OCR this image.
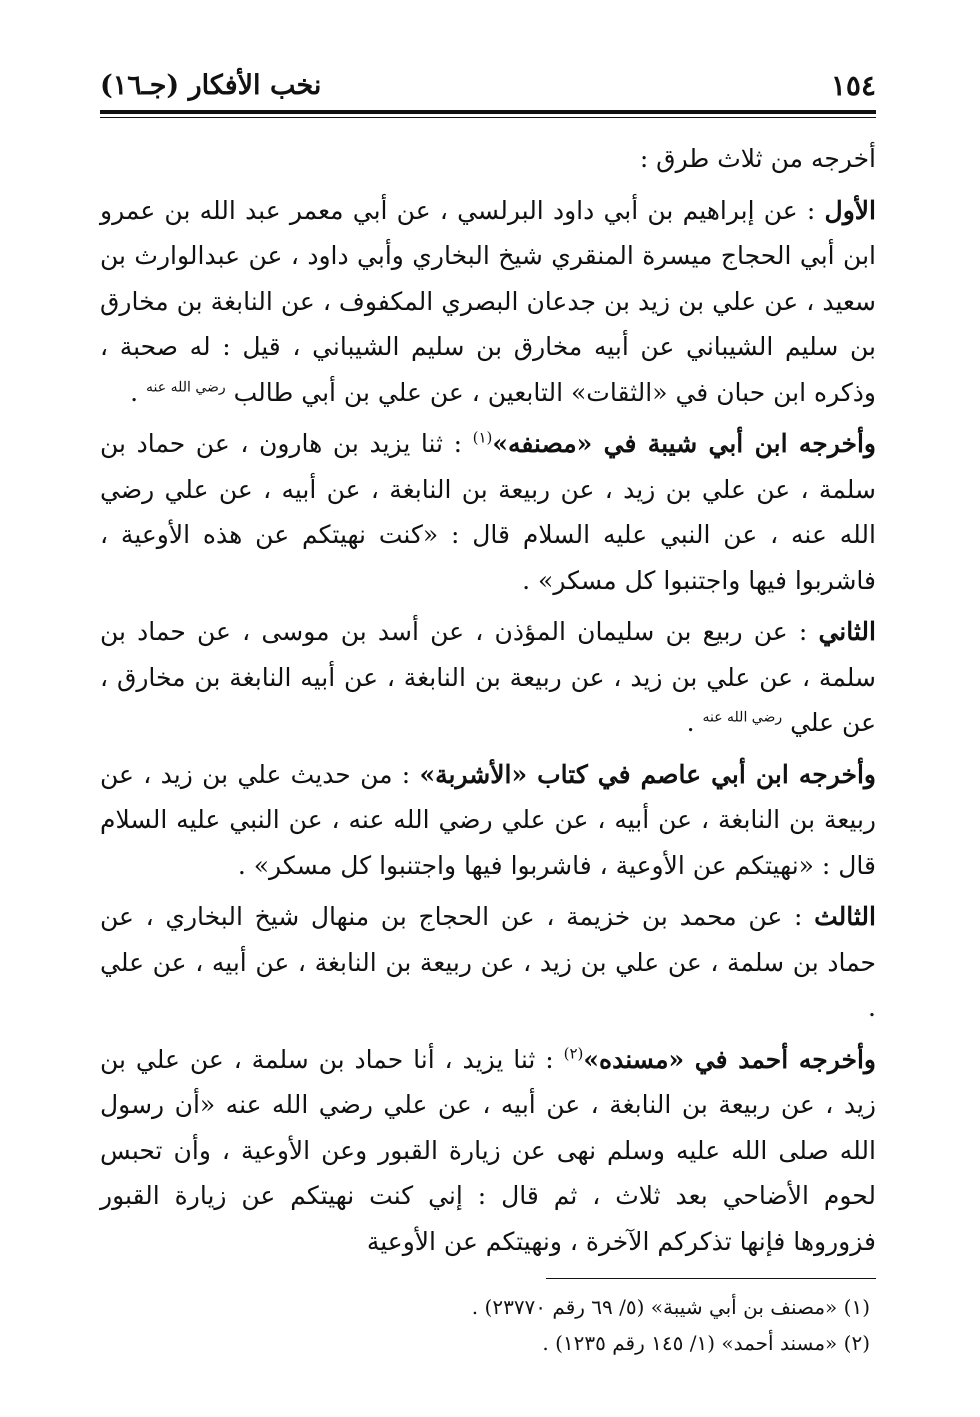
١٥٤
نخب الأفكار (جـ١٦)

أخرجه من ثلاث طرق :

الأول : عن إبراهيم بن أبي داود البرلسي ، عن أبي معمر عبد الله بن عمرو ابن أبي الحجاج ميسرة المنقري شيخ البخاري وأبي داود ، عن عبدالوارث بن سعيد ، عن علي بن زيد بن جدعان البصري المكفوف ، عن النابغة بن مخارق بن سليم الشيباني عن أبيه مخارق بن سليم الشيباني ، قيل : له صحبة ، وذكره ابن حبان في «الثقات» التابعين ، عن علي بن أبي طالب $^{رضي الله عنه}$ .

وأخرجه ابن أبي شيبة في «مصنفه»$^{(١)}$ : ثنا يزيد بن هارون ، عن حماد بن سلمة ، عن علي بن زيد ، عن ربيعة بن النابغة ، عن أبيه ، عن علي رضي الله عنه ، عن النبي عليه السلام قال : «كنت نهيتكم عن هذه الأوعية ، فاشربوا فيها واجتنبوا كل مسكر» .

الثاني : عن ربيع بن سليمان المؤذن ، عن أسد بن موسى ، عن حماد بن سلمة ، عن علي بن زيد ، عن ربيعة بن النابغة ، عن أبيه النابغة بن مخارق ، عن علي $^{رضي الله عنه}$ .

وأخرجه ابن أبي عاصم في كتاب «الأشربة» : من حديث علي بن زيد ، عن ربيعة بن النابغة ، عن أبيه ، عن علي رضي الله عنه ، عن النبي عليه السلام قال : «نهيتكم عن الأوعية ، فاشربوا فيها واجتنبوا كل مسكر» .

الثالث : عن محمد بن خزيمة ، عن الحجاج بن منهال شيخ البخاري ، عن حماد بن سلمة ، عن علي بن زيد ، عن ربيعة بن النابغة ، عن أبيه ، عن علي .

وأخرجه أحمد في «مسنده»$^{(٢)}$ : ثنا يزيد ، أنا حماد بن سلمة ، عن علي بن زيد ، عن ربيعة بن النابغة ، عن أبيه ، عن علي رضي الله عنه «أن رسول الله صلى الله عليه وسلم نهى عن زيارة القبور وعن الأوعية ، وأن تحبس لحوم الأضاحي بعد ثلاث ، ثم قال : إني كنت نهيتكم عن زيارة القبور فزوروها فإنها تذكركم الآخرة ، ونهيتكم عن الأوعية

(١) «مصنف بن أبي شيبة» (٥/ ٦٩ رقم ٢٣٧٧٠) .
(٢) «مسند أحمد» (١/ ١٤٥ رقم ١٢٣٥) .
